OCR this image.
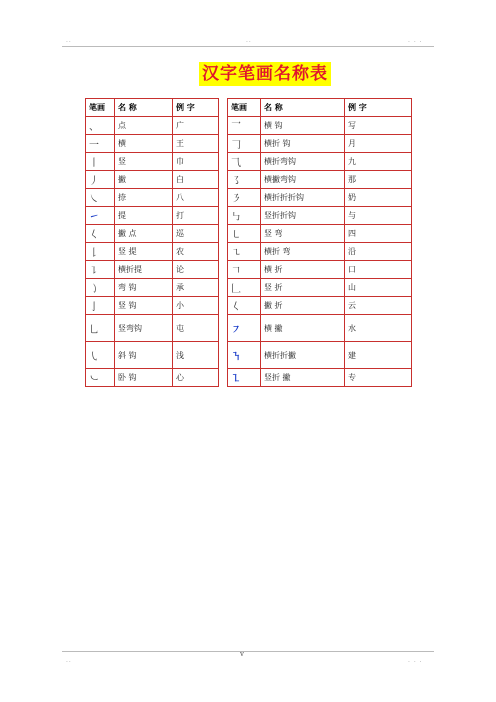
..	..	. . .
汉字笔画名称表
笔画	名 称	例 字		笔画	名 称	例 字
、	点	广		乛	横 钩	写
一	横	王		𠃌	横折 钩	月
丨	竖	巾		⺄	横折弯钩	九
丿	撇	白		㇌	横撇弯钩	那
㇏	捺	八		㇋	横折折折钩	奶
㇀	提	打		㇉	竖折折钩	与
𡿨	撇 点	巡		㇄	竖 弯	四
𠄌	竖 提	农		㇍	横折 弯	沿
㇊	横折提	论		𠃍	横 折	口
㇁	弯 钩	承		𠃊	竖 折	山
亅	竖 钩	小		𡿨	撇 折	云
乚	竖弯钩	屯		㇇	横 撇	水
㇂	斜 钩	浅		㇎	横折折撇	建
㇃	卧 钩	心		㇅	竖折 撇	专
..
v
. . .
